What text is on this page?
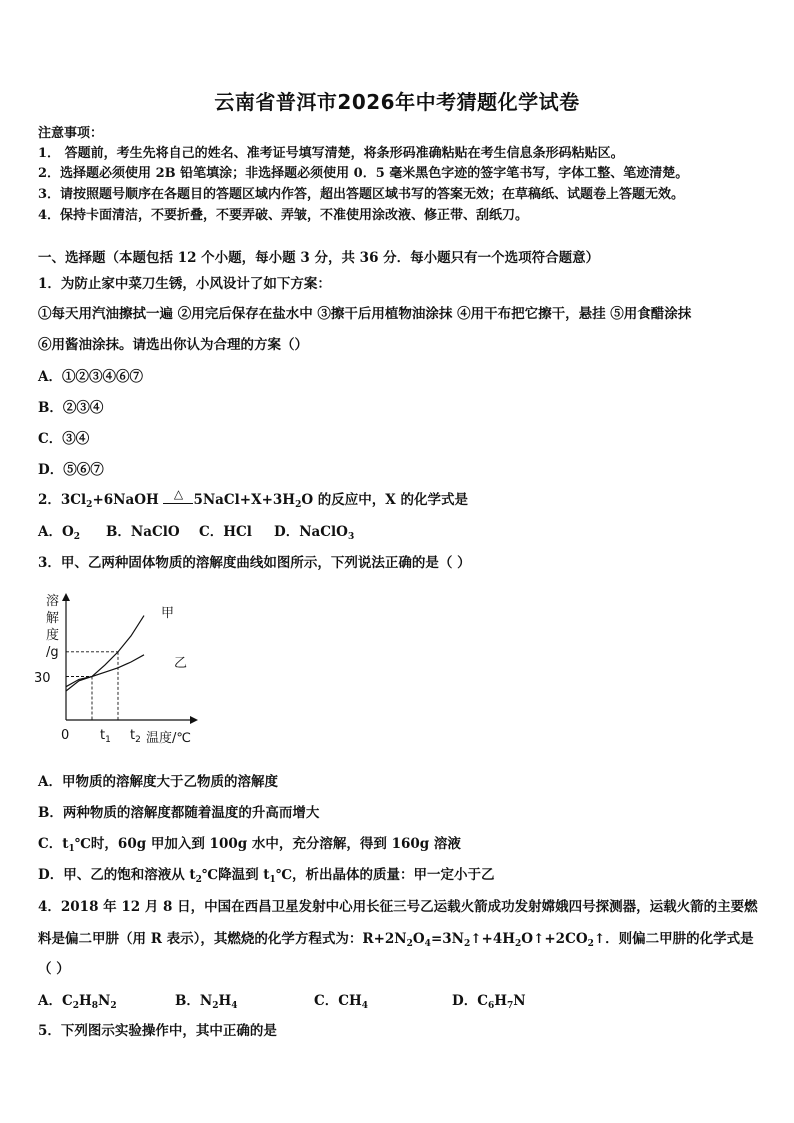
云南省普洱市2026年中考猜题化学试卷
注意事项：
1． 答题前，考生先将自己的姓名、准考证号填写清楚，将条形码准确粘贴在考生信息条形码粘贴区。
2．选择题必须使用 2B 铅笔填涂；非选择题必须使用 0．5 毫米黑色字迹的签字笔书写，字体工整、笔迹清楚。
3．请按照题号顺序在各题目的答题区域内作答，超出答题区域书写的答案无效；在草稿纸、试题卷上答题无效。
4．保持卡面清洁，不要折叠，不要弄破、弄皱，不准使用涂改液、修正带、刮纸刀。
一、选择题（本题包括 12 个小题，每小题 3 分，共 36 分．每小题只有一个选项符合题意）
1．为防止家中菜刀生锈，小风设计了如下方案：
①每天用汽油擦拭一遍 ②用完后保存在盐水中 ③擦干后用植物油涂抹 ④用干布把它擦干，悬挂 ⑤用食醋涂抹
⑥用酱油涂抹。请选出你认为合理的方案（）
A．①②③④⑥⑦
B．②③④
C．③④
D．⑤⑥⑦
2．$3Cl_2+6NaOH$	△ $5NaCl+X+3H_2O$ 的反应中，X 的化学式是
A．$O_2$ B．NaClO C．HCl D．NaClO$_3$
3．甲、乙两种固体物质的溶解度曲线如图所示，下列说法正确的是（ ）
溶
解
度
/g
30
0 $t_1$ $t_2$ 温度/℃
甲
乙
A．甲物质的溶解度大于乙物质的溶解度
B．两种物质的溶解度都随着温度的升高而增大
C．$t_1℃$时，60g 甲加入到 100g 水中，充分溶解，得到 160g 溶液
D．甲、乙的饱和溶液从 $t_2℃$降温到 $t_1℃$，析出晶体的质量：甲一定小于乙
4．2018 年 12 月 8 日，中国在西昌卫星发射中心用长征三号乙运载火箭成功发射嫦娥四号探测器，运载火箭的主要燃
料是偏二甲肼（用 R 表示），其燃烧的化学方程式为：$R+2N_2O_4=3N_2↑+4H_2O↑+2CO_2↑$．则偏二甲肼的化学式是
（ ）
A．$C_2H_8N_2$	B．$N_2H_4$	C．$CH_4$	D．$C_6H_7N$
5．下列图示实验操作中，其中正确的是
